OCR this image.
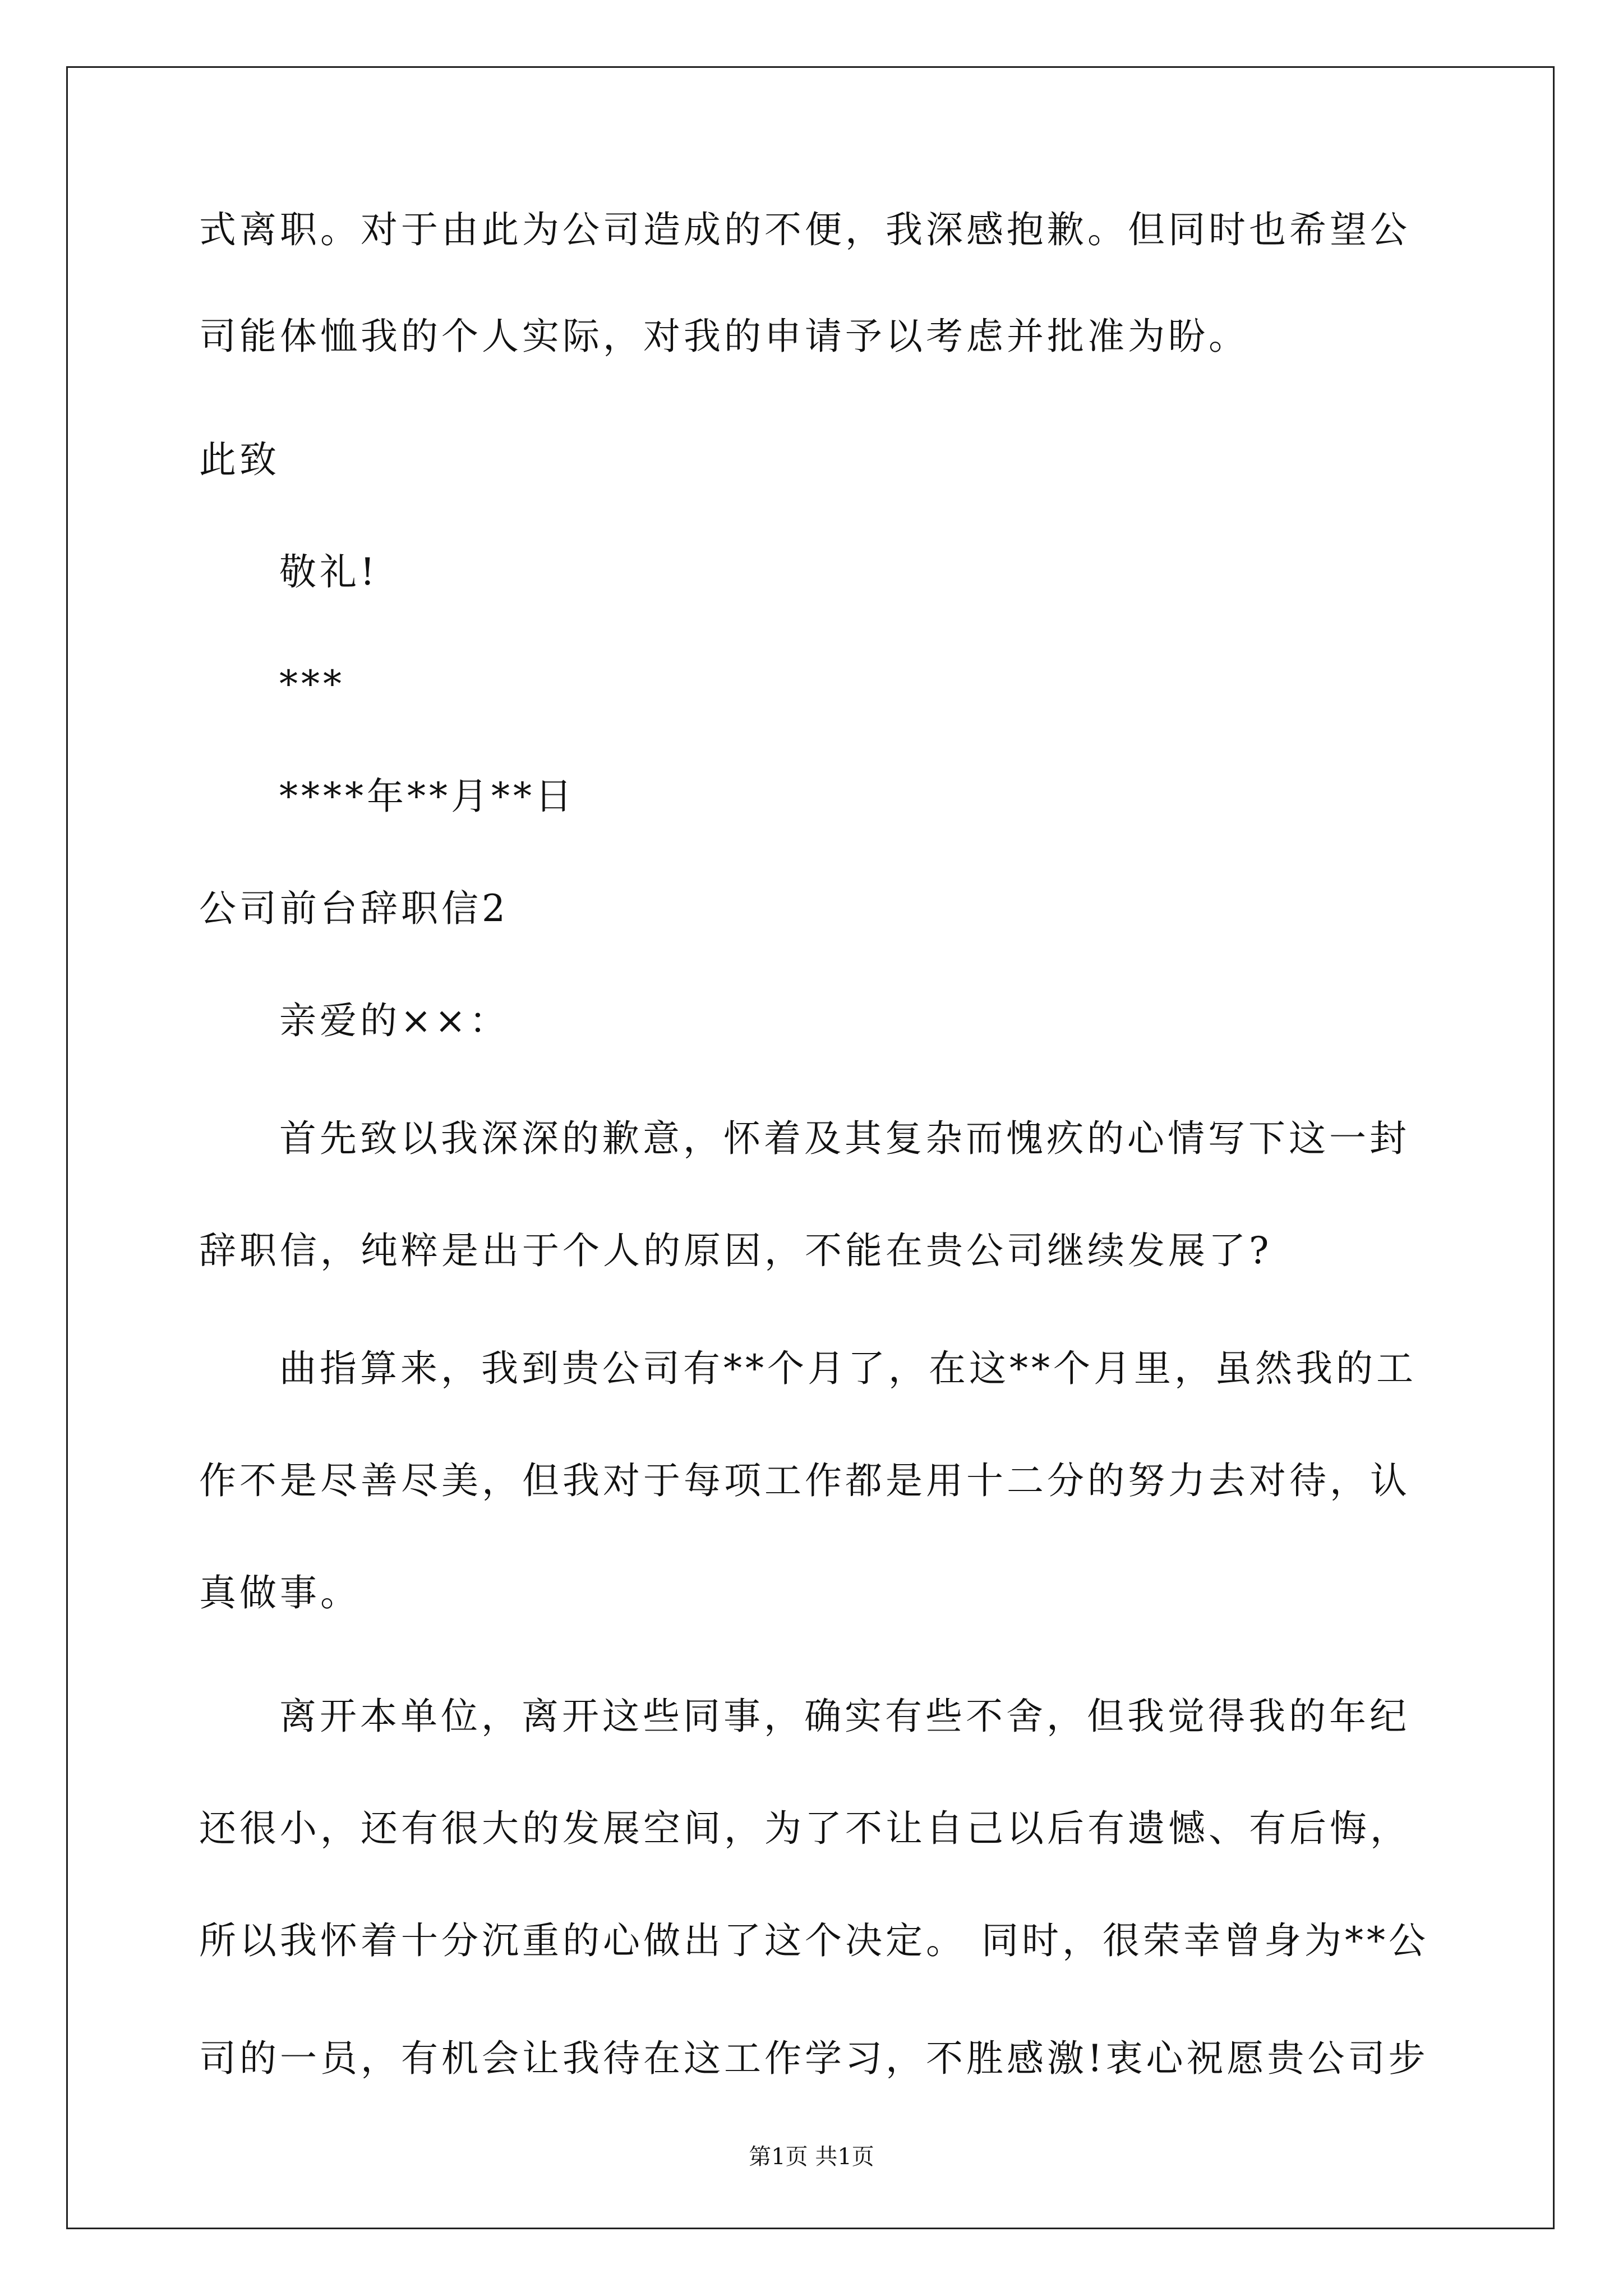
式离职。对于由此为公司造成的不便，我深感抱歉。但同时也希望公
司能体恤我的个人实际，对我的申请予以考虑并批准为盼。
此致
敬礼!
***
****年**月**日
公司前台辞职信2
亲爱的××：
首先致以我深深的歉意，怀着及其复杂而愧疚的心情写下这一封
辞职信，纯粹是出于个人的原因，不能在贵公司继续发展了?
曲指算来，我到贵公司有**个月了，在这**个月里，虽然我的工
作不是尽善尽美，但我对于每项工作都是用十二分的努力去对待，认
真做事。
离开本单位，离开这些同事，确实有些不舍，但我觉得我的年纪
还很小，还有很大的发展空间，为了不让自己以后有遗憾、有后悔，
所以我怀着十分沉重的心做出了这个决定。 同时，很荣幸曾身为**公
司的一员，有机会让我待在这工作学习，不胜感激!衷心祝愿贵公司步
第1页 共1页
